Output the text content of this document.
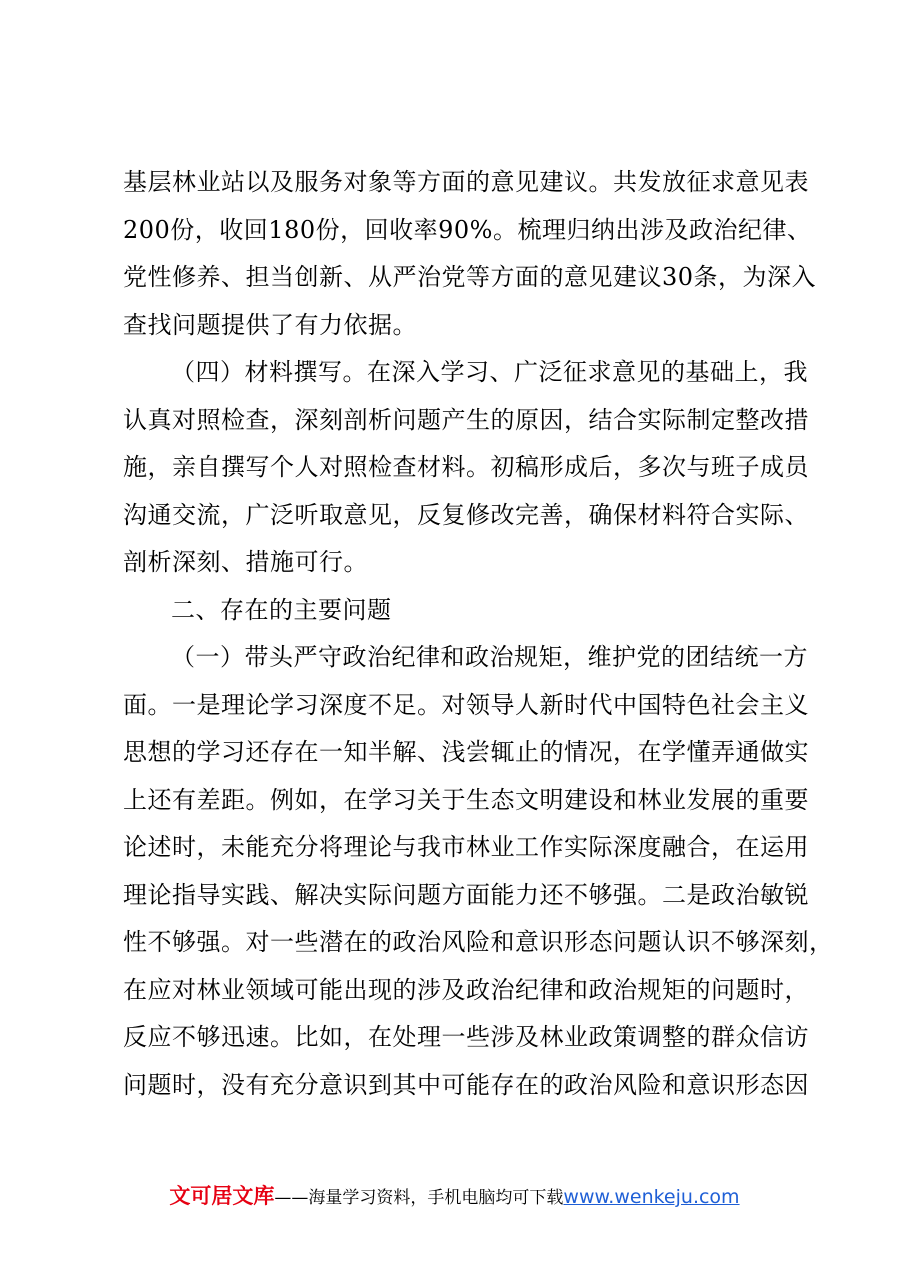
基层林业站以及服务对象等方面的意见建议。共发放征求意见表
200份，收回180份，回收率90%。梳理归纳出涉及政治纪律、
党性修养、担当创新、从严治党等方面的意见建议30条，为深入
查找问题提供了有力依据。
（四）材料撰写。在深入学习、广泛征求意见的基础上，我
认真对照检查，深刻剖析问题产生的原因，结合实际制定整改措
施，亲自撰写个人对照检查材料。初稿形成后，多次与班子成员
沟通交流，广泛听取意见，反复修改完善，确保材料符合实际、
剖析深刻、措施可行。
二、存在的主要问题
（一）带头严守政治纪律和政治规矩，维护党的团结统一方
面。一是理论学习深度不足。对领导人新时代中国特色社会主义
思想的学习还存在一知半解、浅尝辄止的情况，在学懂弄通做实
上还有差距。例如，在学习关于生态文明建设和林业发展的重要
论述时，未能充分将理论与我市林业工作实际深度融合，在运用
理论指导实践、解决实际问题方面能力还不够强。二是政治敏锐
性不够强。对一些潜在的政治风险和意识形态问题认识不够深刻，
在应对林业领域可能出现的涉及政治纪律和政治规矩的问题时，
反应不够迅速。比如，在处理一些涉及林业政策调整的群众信访
问题时，没有充分意识到其中可能存在的政治风险和意识形态因
文可居文库——海量学习资料，手机电脑均可下载www.wenkeju.com
